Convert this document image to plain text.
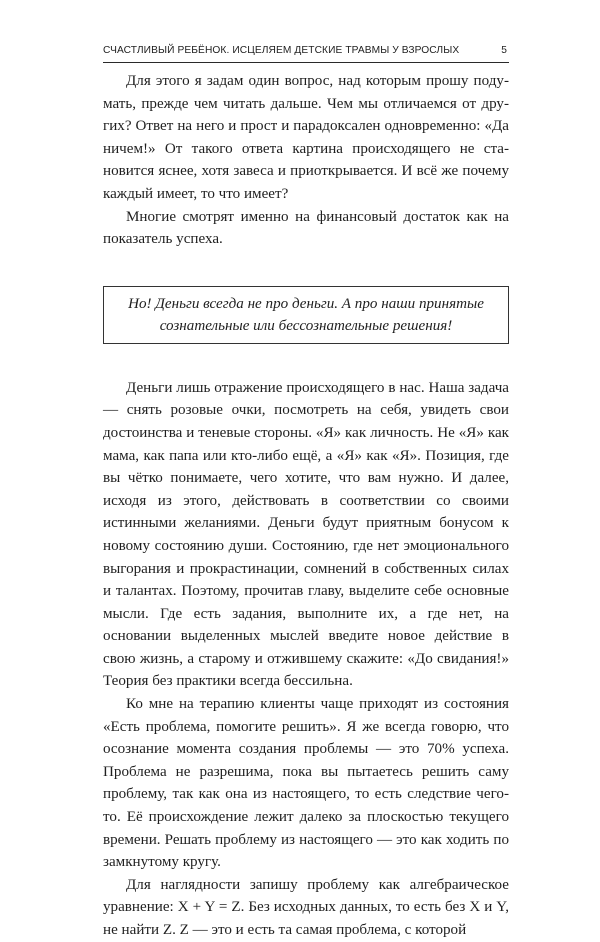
СЧАСТЛИВЫЙ РЕБЁНОК. ИСЦЕЛЯЕМ ДЕТСКИЕ ТРАВМЫ У ВЗРОСЛЫХ	5

Для этого я задам один вопрос, над которым прошу подумать, прежде чем читать дальше. Чем мы отличаемся от других? Ответ на него и прост и парадоксален одновременно: «Да ничем!» От такого ответа картина происходящего не становится яснее, хотя завеса и приоткрывается. И всё же почему каждый имеет, то что имеет?

Многие смотрят именно на финансовый достаток как на показатель успеха.

Но! Деньги всегда не про деньги. А про наши принятые сознательные или бессознательные решения!

Деньги лишь отражение происходящего в нас. Наша задача — снять розовые очки, посмотреть на себя, увидеть свои достоинства и теневые стороны. «Я» как личность. Не «Я» как мама, как папа или кто-либо ещё, а «Я» как «Я». Позиция, где вы чётко понимаете, чего хотите, что вам нужно. И далее, исходя из этого, действовать в соответствии со своими истинными желаниями. Деньги будут приятным бонусом к новому состоянию души. Состоянию, где нет эмоционального выгорания и прокрастинации, сомнений в собственных силах и талантах. Поэтому, прочитав главу, выделите себе основные мысли. Где есть задания, выполните их, а где нет, на основании выделенных мыслей введите новое действие в свою жизнь, а старому и отжившему скажите: «До свидания!» Теория без практики всегда бессильна.

Ко мне на терапию клиенты чаще приходят из состояния «Есть проблема, помогите решить». Я же всегда говорю, что осознание момента создания проблемы — это 70% успеха. Проблема не разрешима, пока вы пытаетесь решить саму проблему, так как она из настоящего, то есть следствие чего-то. Её происхождение лежит далеко за плоскостью текущего времени. Решать проблему из настоящего — это как ходить по замкнутому кругу.

Для наглядности запишу проблему как алгебраическое уравнение: X + Y = Z. Без исходных данных, то есть без X и Y, не найти Z. Z — это и есть та самая проблема, с которой
